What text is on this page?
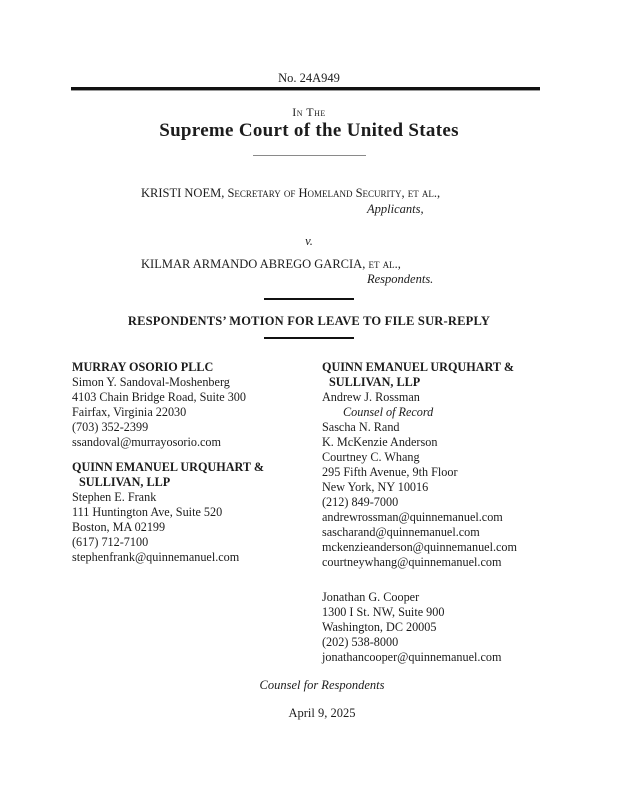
No. 24A949
In The
Supreme Court of the United States
KRISTI NOEM, Secretary of Homeland Security, et al.,
Applicants,
v.
KILMAR ARMANDO ABREGO GARCIA, et al.,
Respondents.
RESPONDENTS’ MOTION FOR LEAVE TO FILE SUR-REPLY
MURRAY OSORIO PLLC
Simon Y. Sandoval-Moshenberg
4103 Chain Bridge Road, Suite 300
Fairfax, Virginia 22030
(703) 352-2399
ssandoval@murrayosorio.com
QUINN EMANUEL URQUHART &
SULLIVAN, LLP
Stephen E. Frank
111 Huntington Ave, Suite 520
Boston, MA 02199
(617) 712-7100
stephenfrank@quinnemanuel.com
QUINN EMANUEL URQUHART &
SULLIVAN, LLP
Andrew J. Rossman
Counsel of Record
Sascha N. Rand
K. McKenzie Anderson
Courtney C. Whang
295 Fifth Avenue, 9th Floor
New York, NY 10016
(212) 849-7000
andrewrossman@quinnemanuel.com
sascharand@quinnemanuel.com
mckenzieanderson@quinnemanuel.com
courtneywhang@quinnemanuel.com
Jonathan G. Cooper
1300 I St. NW, Suite 900
Washington, DC 20005
(202) 538-8000
jonathancooper@quinnemanuel.com
Counsel for Respondents
April 9, 2025
